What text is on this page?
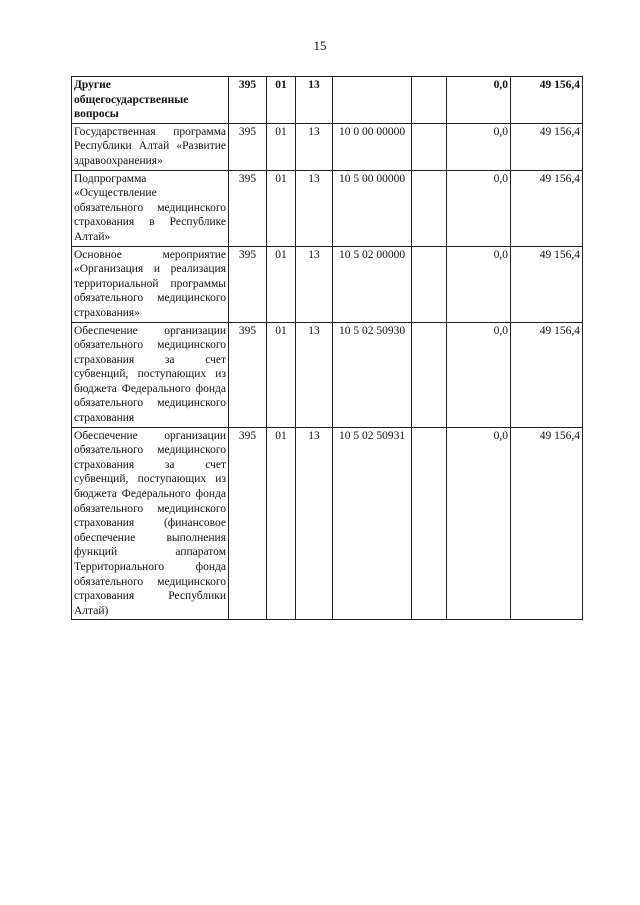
15
Другие общегосударственные вопросы	395	01	13			0,0	49 156,4
Государственная программа Республики Алтай «Развитие здравоохранения»	395	01	13	10 0 00 00000		0,0	49 156,4
Подпрограмма «Осуществление обязательного медицинского страхования в Республике Алтай»	395	01	13	10 5 00 00000		0,0	49 156,4
Основное мероприятие «Организация и реализация территориальной программы обязательного медицинского страхования»	395	01	13	10 5 02 00000		0,0	49 156,4
Обеспечение организации обязательного медицинского страхования за счет субвенций, поступающих из бюджета Федерального фонда обязательного медицинского страхования	395	01	13	10 5 02 50930		0,0	49 156,4
Обеспечение организации обязательного медицинского страхования за счет субвенций, поступающих из бюджета Федерального фонда обязательного медицинского страхования (финансовое обеспечение выполнения функций аппаратом Территориального фонда обязательного медицинского страхования Республики Алтай)	395	01	13	10 5 02 50931		0,0	49 156,4
